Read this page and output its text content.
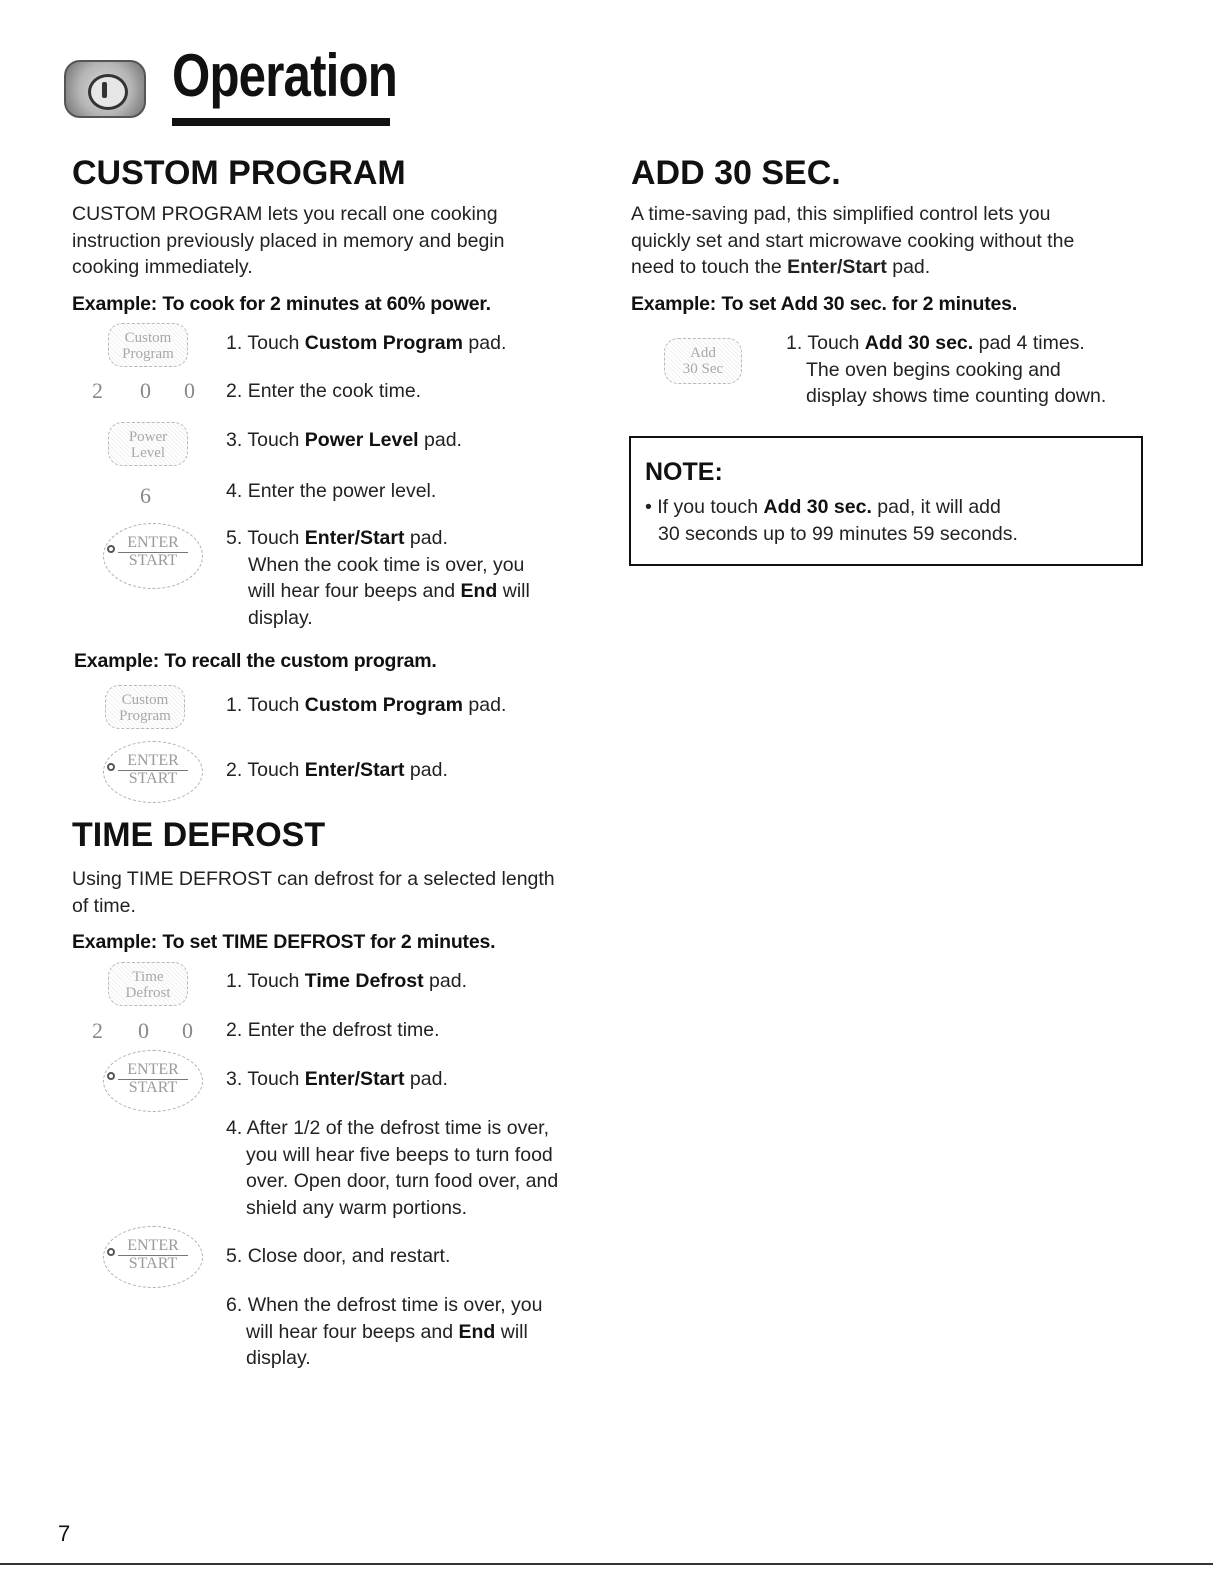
Operation
CUSTOM PROGRAM

CUSTOM PROGRAM lets you recall one cooking

instruction previously placed in memory and begin

cooking immediately.

Example: To cook for 2 minutes at 60% power.

Custom
Program	1. Touch Custom Program pad.
2 0 0 2. Enter the cook time.
Power
Level
3. Touch Power Level pad.
6	4. Enter the power level.
ENTER
START
5. Touch Enter/Start pad.
When the cook time is over, you
will hear four beeps and End will
display.

Example: To recall the custom program.

Custom
Program	1. Touch Custom Program pad.
ENTER
START	2. Touch Enter/Start pad.
TIME DEFROST

Using TIME DEFROST can defrost for a selected length

of time.

Example: To set TIME DEFROST for 2 minutes.

Time
Defrost
1. Touch Time Defrost pad.
2 0 0 2. Enter the defrost time.
ENTER
START	3. Touch Enter/Start pad.
4. After 1/2 of the defrost time is over,
you will hear five beeps to turn food
over. Open door, turn food over, and
shield any warm portions.
ENTER
START	5. Close door, and restart.
6. When the defrost time is over, you
will hear four beeps and End will
display.
ADD 30 SEC.

A time-saving pad, this simplified control lets you

quickly set and start microwave cooking without the

need to touch the Enter/Start pad.

Example: To set Add 30 sec. for 2 minutes.

Add
30 Sec
1. Touch Add 30 sec. pad 4 times.
The oven begins cooking and
display shows time counting down.
NOTE:
• If you touch Add 30 sec. pad, it will add
30 seconds up to 99 minutes 59 seconds.
7
